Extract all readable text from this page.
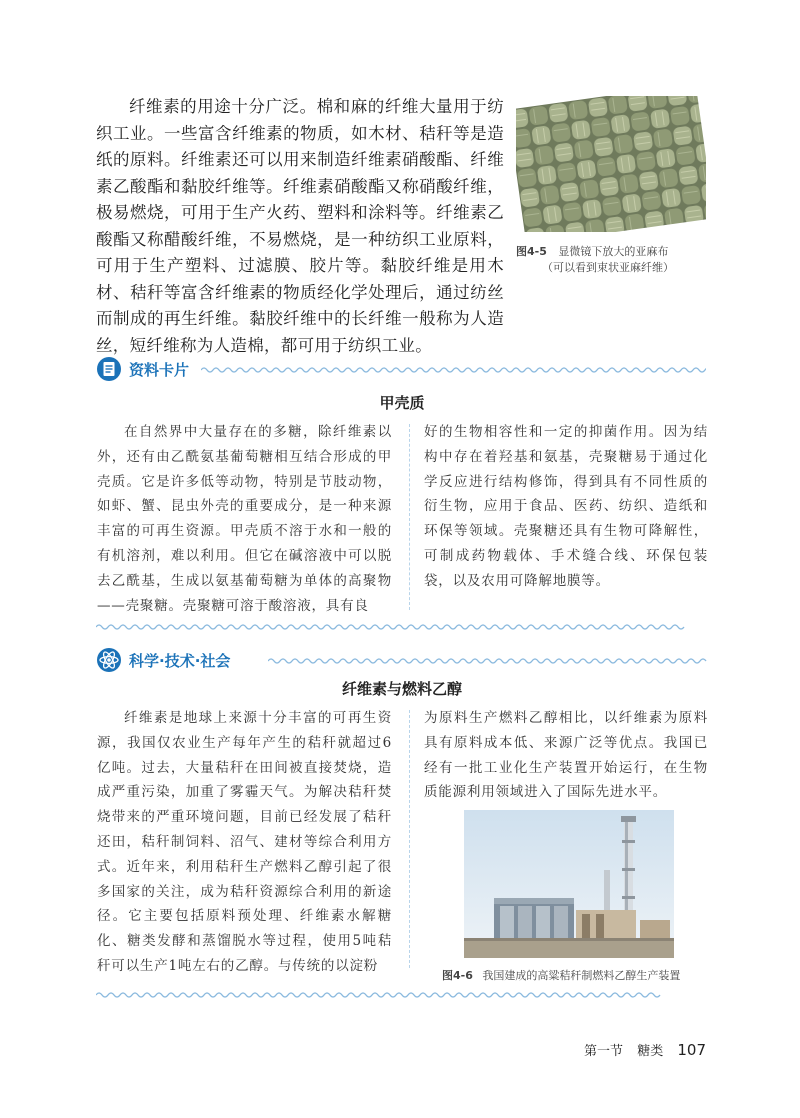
纤维素的用途十分广泛。棉和麻的纤维大量用于纺织工业。一些富含纤维素的物质，如木材、秸秆等是造纸的原料。纤维素还可以用来制造纤维素硝酸酯、纤维素乙酸酯和黏胶纤维等。纤维素硝酸酯又称硝酸纤维，极易燃烧，可用于生产火药、塑料和涂料等。纤维素乙酸酯又称醋酸纤维，不易燃烧，是一种纺织工业原料，可用于生产塑料、过滤膜、胶片等。黏胶纤维是用木材、秸秆等富含纤维素的物质经化学处理后，通过纺丝而制成的再生纤维。黏胶纤维中的长纤维一般称为人造丝，短纤维称为人造棉，都可用于纺织工业。

图4-5 显微镜下放大的亚麻布
（可以看到束状亚麻纤维）
资料卡片
甲壳质

在自然界中大量存在的多糖，除纤维素以外，还有由乙酰氨基葡萄糖相互结合形成的甲壳质。它是许多低等动物，特别是节肢动物，如虾、蟹、昆虫外壳的重要成分，是一种来源丰富的可再生资源。甲壳质不溶于水和一般的有机溶剂，难以利用。但它在碱溶液中可以脱去乙酰基，生成以氨基葡萄糖为单体的高聚物——壳聚糖。壳聚糖可溶于酸溶液，具有良

好的生物相容性和一定的抑菌作用。因为结构中存在着羟基和氨基，壳聚糖易于通过化学反应进行结构修饰，得到具有不同性质的衍生物，应用于食品、医药、纺织、造纸和环保等领域。壳聚糖还具有生物可降解性，可制成药物载体、手术缝合线、环保包装袋，以及农用可降解地膜等。

科学·技术·社会
纤维素与燃料乙醇

纤维素是地球上来源十分丰富的可再生资源，我国仅农业生产每年产生的秸秆就超过6亿吨。过去，大量秸秆在田间被直接焚烧，造成严重污染，加重了雾霾天气。为解决秸秆焚烧带来的严重环境问题，目前已经发展了秸秆还田，秸秆制饲料、沼气、建材等综合利用方式。近年来，利用秸秆生产燃料乙醇引起了很多国家的关注，成为秸秆资源综合利用的新途径。它主要包括原料预处理、纤维素水解糖化、糖类发酵和蒸馏脱水等过程，使用5吨秸秆可以生产1吨左右的乙醇。与传统的以淀粉

为原料生产燃料乙醇相比，以纤维素为原料具有原料成本低、来源广泛等优点。我国已经有一批工业化生产装置开始运行，在生物质能源利用领域进入了国际先进水平。

图4-6 我国建成的高粱秸秆制燃料乙醇生产装置
第一节 糖类 107
